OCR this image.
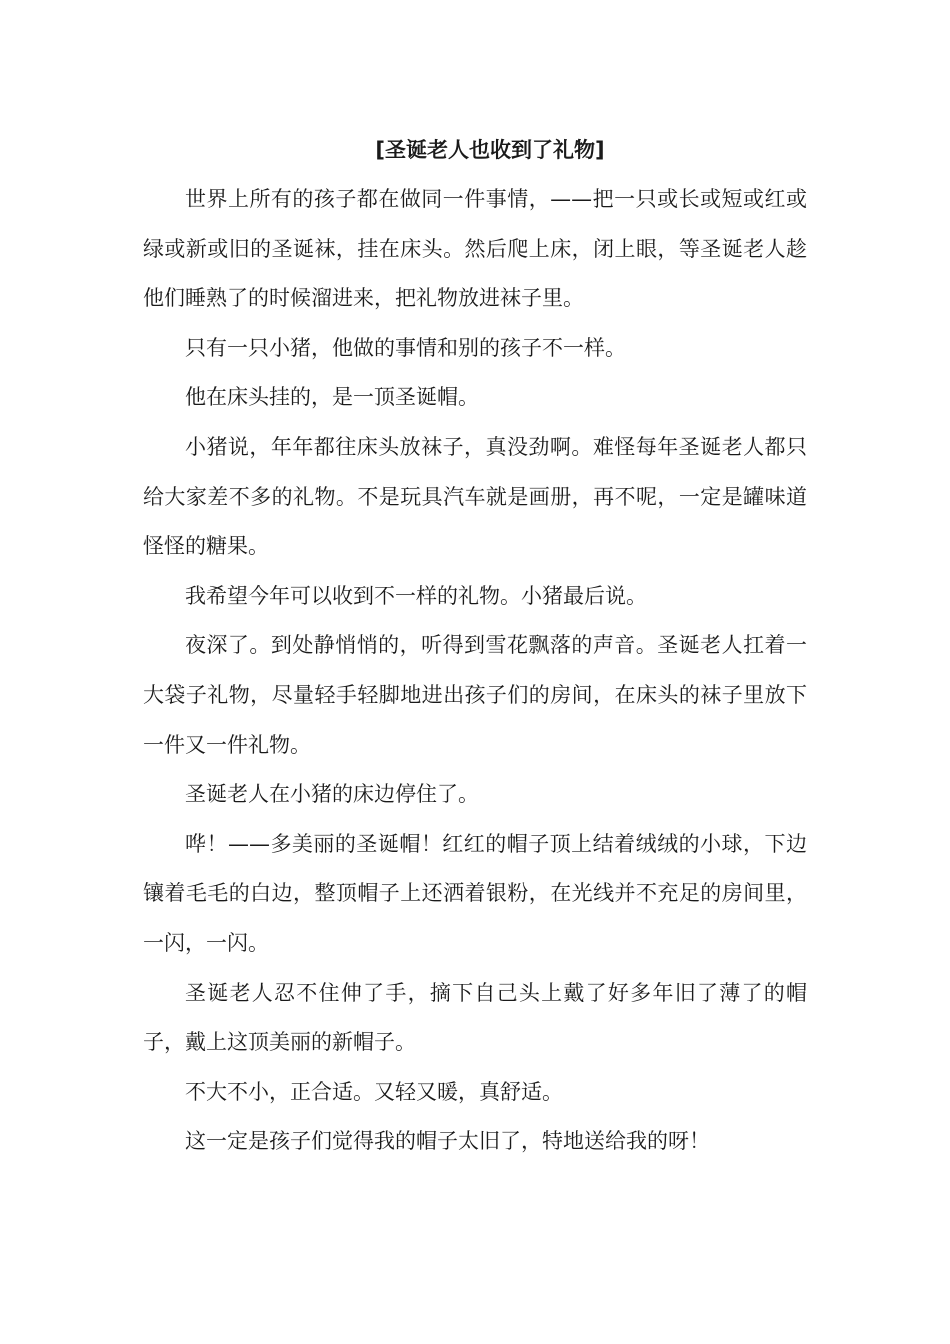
[圣诞老人也收到了礼物]

世界上所有的孩子都在做同一件事情，——把一只或长或短或红或绿或新或旧的圣诞袜，挂在床头。然后爬上床，闭上眼，等圣诞老人趁他们睡熟了的时候溜进来，把礼物放进袜子里。

只有一只小猪，他做的事情和别的孩子不一样。

他在床头挂的，是一顶圣诞帽。

小猪说，年年都往床头放袜子，真没劲啊。难怪每年圣诞老人都只给大家差不多的礼物。不是玩具汽车就是画册，再不呢，一定是罐味道怪怪的糖果。

我希望今年可以收到不一样的礼物。小猪最后说。

夜深了。到处静悄悄的，听得到雪花飘落的声音。圣诞老人扛着一大袋子礼物，尽量轻手轻脚地进出孩子们的房间，在床头的袜子里放下一件又一件礼物。

圣诞老人在小猪的床边停住了。

哗！——多美丽的圣诞帽！红红的帽子顶上结着绒绒的小球，下边镶着毛毛的白边，整顶帽子上还洒着银粉，在光线并不充足的房间里，一闪，一闪。

圣诞老人忍不住伸了手，摘下自己头上戴了好多年旧了薄了的帽子，戴上这顶美丽的新帽子。

不大不小，正合适。又轻又暖，真舒适。

这一定是孩子们觉得我的帽子太旧了，特地送给我的呀！
